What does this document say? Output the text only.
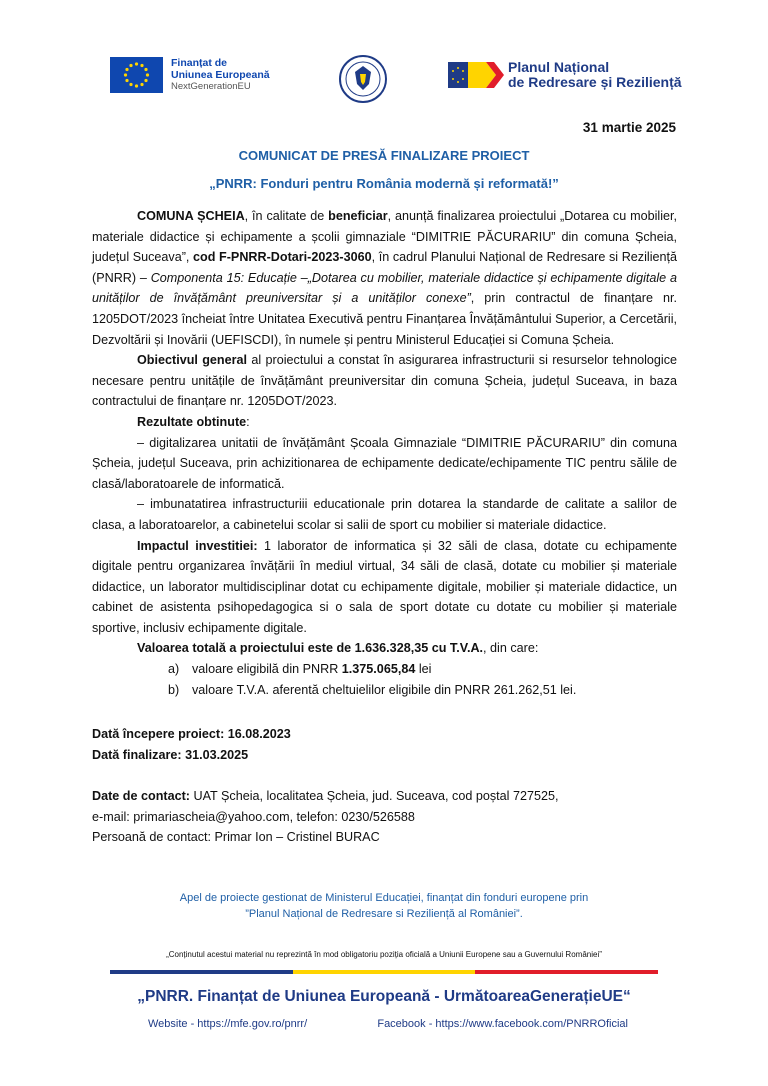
Finanțat de
Uniunea Europeană
NextGenerationEU
Planul Național
de Redresare și Reziliență
31 martie 2025
COMUNICAT DE PRESĂ FINALIZARE PROIECT
„PNRR: Fonduri pentru România modernă și reformată!”

COMUNA ȘCHEIA, în calitate de beneficiar, anunță finalizarea proiectului „Dotarea cu mobilier, materiale didactice și echipamente a școlii gimnaziale “DIMITRIE PĂCURARIU” din comuna Șcheia, județul Suceava”, cod F-PNRR-Dotari-2023-3060, în cadrul Planului Național de Redresare si Reziliență (PNRR) – Componenta 15: Educație –„Dotarea cu mobilier, materiale didactice și echipamente digitale a unităților de învățământ preuniversitar și a unităților conexe”, prin contractul de finanțare nr. 1205DOT/2023 încheiat între Unitatea Executivă pentru Finanțarea Învățământului Superior, a Cercetării, Dezvoltării și Inovării (UEFISCDI), în numele și pentru Ministerul Educației si Comuna Șcheia.

Obiectivul general al proiectului a constat în asigurarea infrastructurii si resurselor tehnologice necesare pentru unitățile de învățământ preuniversitar din comuna Șcheia, județul Suceava, in baza contractului de finanțare nr. 1205DOT/2023.

Rezultate obtinute:

– digitalizarea unitatii de învățământ Școala Gimnaziale “DIMITRIE PĂCURARIU” din comuna Șcheia, județul Suceava, prin achizitionarea de echipamente dedicate/echipamente TIC pentru sălile de clasă/laboratoarele de informatică.

– imbunatatirea infrastructuriii educationale prin dotarea la standarde de calitate a salilor de clasa, a laboratoarelor, a cabinetelui scolar si salii de sport cu mobilier si materiale didactice.

Impactul investitiei: 1 laborator de informatica și 32 săli de clasa, dotate cu echipamente digitale pentru organizarea învățării în mediul virtual, 34 săli de clasă, dotate cu mobilier și materiale didactice, un laborator multidisciplinar dotat cu echipamente digitale, mobilier și materiale didactice, un cabinet de asistenta psihopedagogica si o sala de sport dotate cu dotate cu mobilier și materiale sportive, inclusiv echipamente digitale.

Valoarea totală a proiectului este de 1.636.328,35 cu T.V.A., din care:

a)	valoare eligibilă din PNRR 1.375.065,84 lei
b)	valoare T.V.A. aferentă cheltuielilor eligibile din PNRR 261.262,51 lei.

Dată începere proiect: 16.08.2023

Dată finalizare: 31.03.2025

Date de contact: UAT Șcheia, localitatea Șcheia, jud. Suceava, cod poștal 727525,

e-mail: primariascheia@yahoo.com, telefon: 0230/526588

Persoană de contact: Primar Ion – Cristinel BURAC

Apel de proiecte gestionat de Ministerul Educației, finanțat din fonduri europene prin
”Planul Național de Redresare si Reziliență al României”.
„Conținutul acestui material nu reprezintă în mod obligatoriu poziția oficială a Uniunii Europene sau a Guvernului României”
„PNRR. Finanțat de Uniunea Europeană - UrmătoareaGenerațieUE“
Website - https://mfe.gov.ro/pnrr/	Facebook - https://www.facebook.com/PNRROficial
